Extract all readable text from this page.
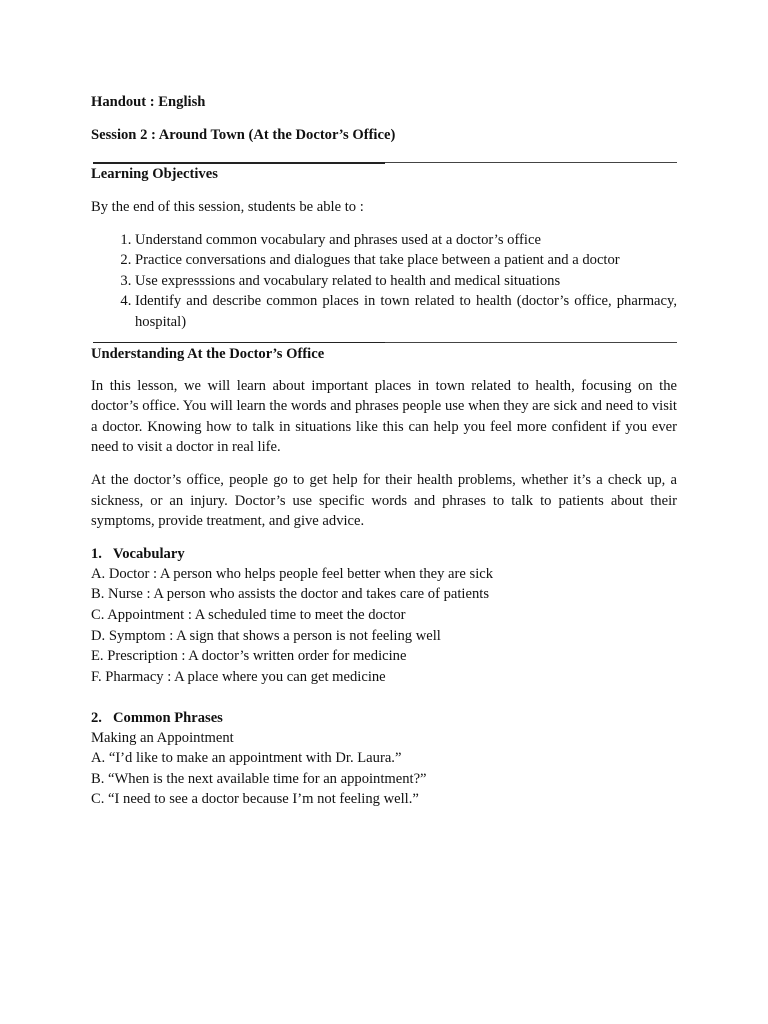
Handout : English
Session 2 : Around Town (At the Doctor’s Office)
Learning Objectives

By the end of this session, students be able to :

1. Understand common vocabulary and phrases used at a doctor’s office
2. Practice conversations and dialogues that take place between a patient and a doctor
3. Use expresssions and vocabulary related to health and medical situations
4. Identify and describe common places in town related to health (doctor’s office, pharmacy, hospital)
Understanding At the Doctor’s Office

In this lesson, we will learn about important places in town related to health, focusing on the doctor’s office. You will learn the words and phrases people use when they are sick and need to visit a doctor. Knowing how to talk in situations like this can help you feel more confident if you ever need to visit a doctor in real life.

At the doctor’s office, people go to get help for their health problems, whether it’s a check up, a sickness, or an injury. Doctor’s use specific words and phrases to talk to patients about their symptoms, provide treatment, and give advice.

1. Vocabulary
A. Doctor : A person who helps people feel better when they are sick
B. Nurse : A person who assists the doctor and takes care of patients
C. Appointment : A scheduled time to meet the doctor
D. Symptom : A sign that shows a person is not feeling well
E. Prescription : A doctor’s written order for medicine
F. Pharmacy : A place where you can get medicine
2. Common Phrases
Making an Appointment
A. “I’d like to make an appointment with Dr. Laura.”
B. “When is the next available time for an appointment?”
C. “I need to see a doctor because I’m not feeling well.”
